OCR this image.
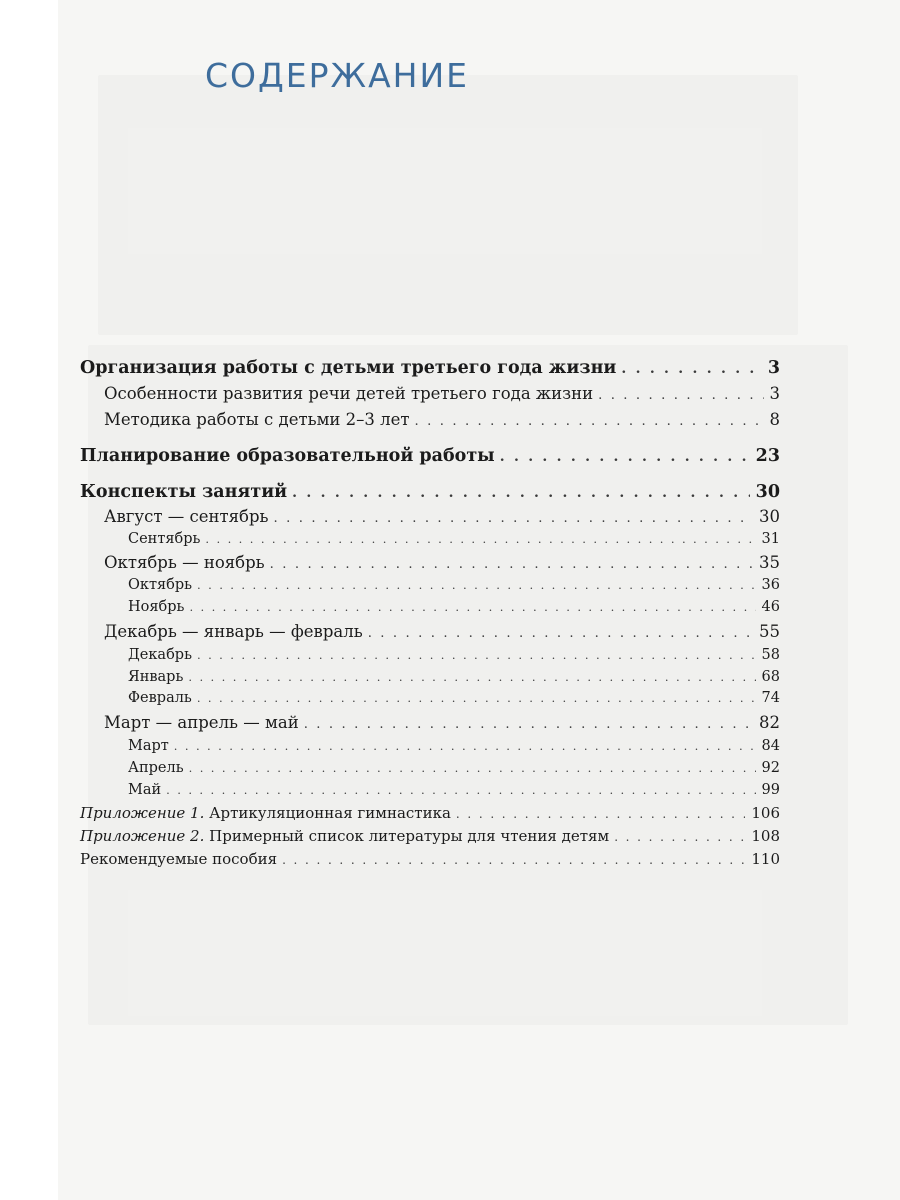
СОДЕРЖАНИЕ
Организация работы с детьми третьего года жизни . . .	3
Особенности развития речи детей третьего года жизни . . .	3
Методика работы с детьми 2–3 лет . . .	8
Планирование образовательной работы . . .	23
Конспекты занятий . . .	30
Август — сентябрь . . .	30
Сентябрь . . .	31
Октябрь — ноябрь . . .	35
Октябрь . . .	36
Ноябрь . . .	46
Декабрь — январь — февраль . . .	55
Декабрь . . .	58
Январь . . .	68
Февраль . . .	74
Март — апрель — май . . .	82
Март . . .	84
Апрель . . .	92
Май . . .	99
Приложение 1. Артикуляционная гимнастика . . .	106
Приложение 2. Примерный список литературы для чтения детям . . .	108
Рекомендуемые пособия . . .	110
